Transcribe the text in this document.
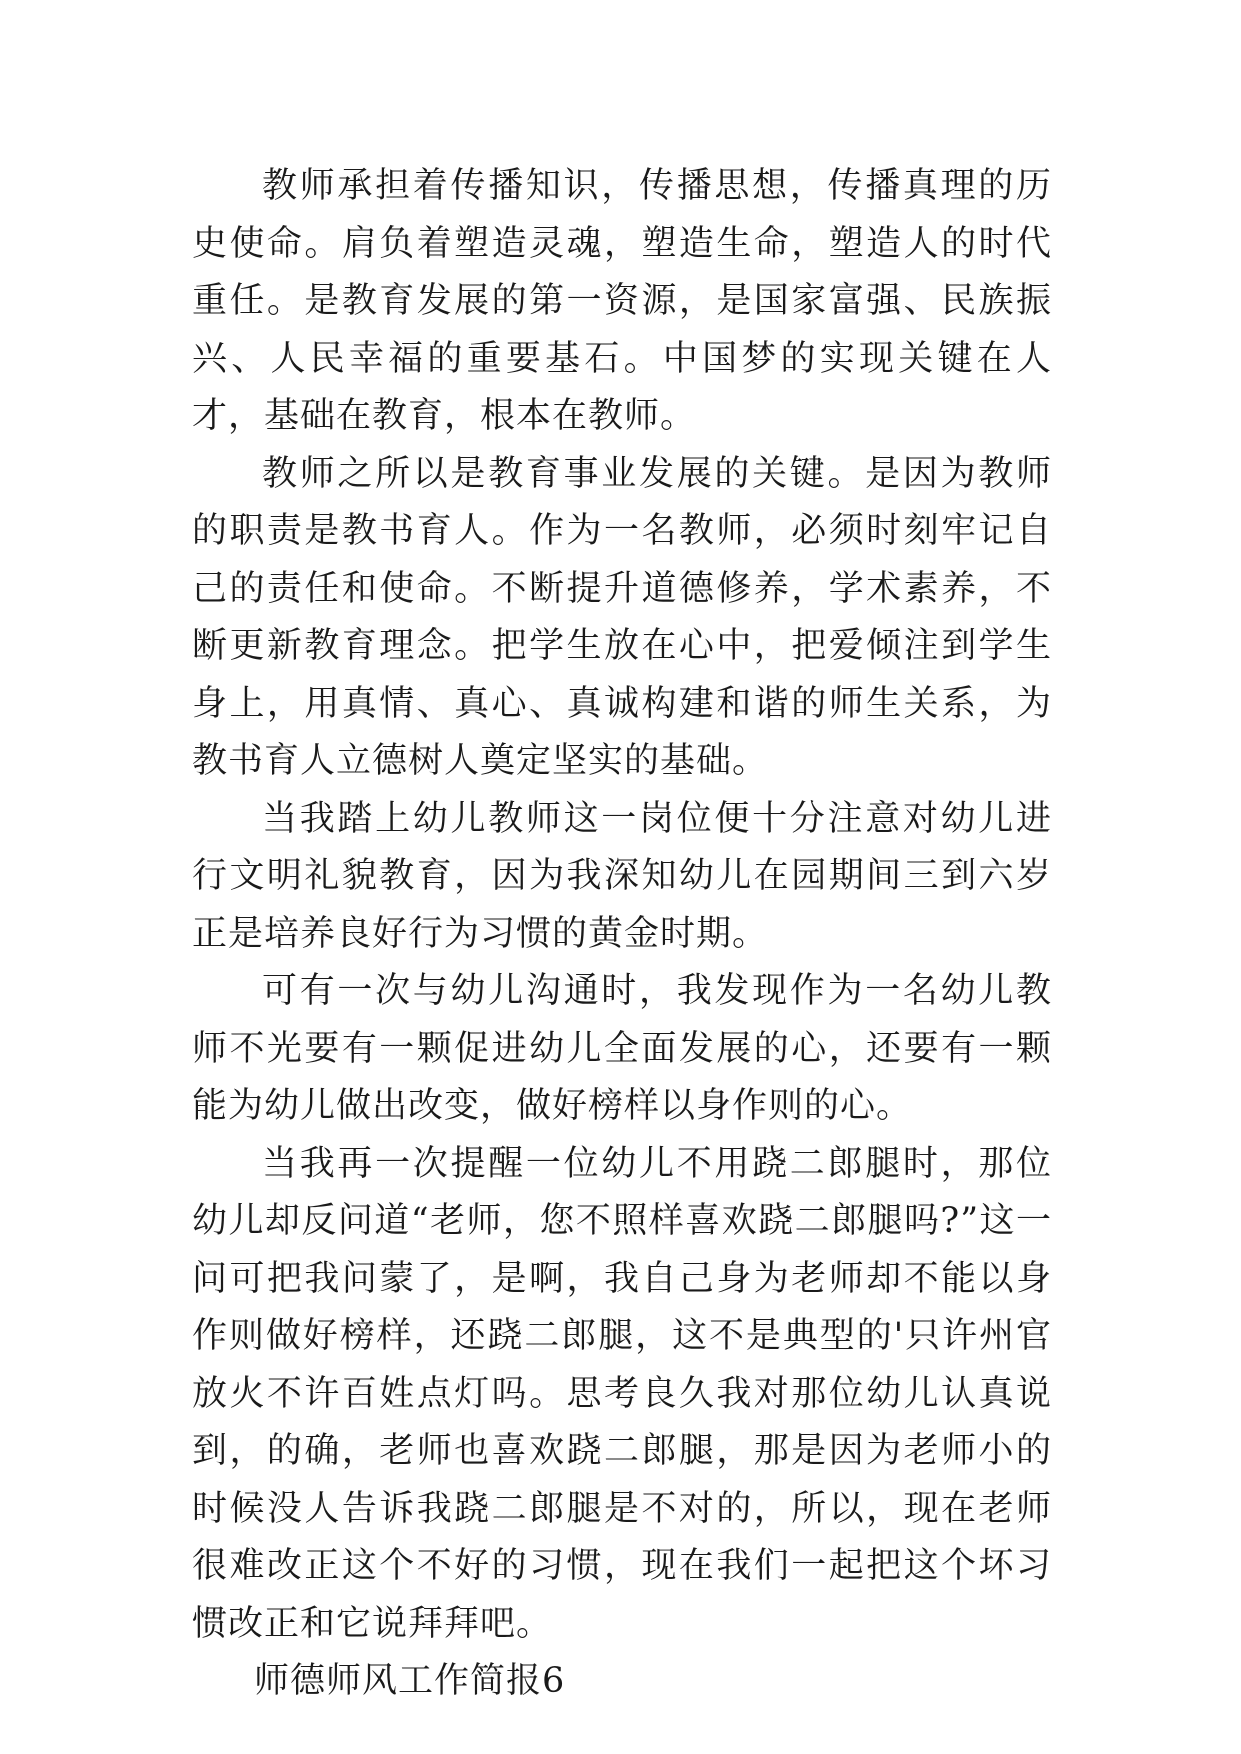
教师承担着传播知识，传播思想，传播真理的历史使命。肩负着塑造灵魂，塑造生命，塑造人的时代重任。是教育发展的第一资源，是国家富强、民族振兴、人民幸福的重要基石。中国梦的实现关键在人才，基础在教育，根本在教师。

教师之所以是教育事业发展的关键。是因为教师的职责是教书育人。作为一名教师，必须时刻牢记自己的责任和使命。不断提升道德修养，学术素养，不断更新教育理念。把学生放在心中，把爱倾注到学生身上，用真情、真心、真诚构建和谐的师生关系，为教书育人立德树人奠定坚实的基础。

当我踏上幼儿教师这一岗位便十分注意对幼儿进行文明礼貌教育，因为我深知幼儿在园期间三到六岁正是培养良好行为习惯的黄金时期。

可有一次与幼儿沟通时，我发现作为一名幼儿教师不光要有一颗促进幼儿全面发展的心，还要有一颗能为幼儿做出改变，做好榜样以身作则的心。

当我再一次提醒一位幼儿不用跷二郎腿时，那位幼儿却反问道“老师，您不照样喜欢跷二郎腿吗?”这一问可把我问蒙了，是啊，我自己身为老师却不能以身作则做好榜样，还跷二郎腿，这不是典型的'只许州官放火不许百姓点灯吗。思考良久我对那位幼儿认真说到，的确，老师也喜欢跷二郎腿，那是因为老师小的时候没人告诉我跷二郎腿是不对的，所以，现在老师很难改正这个不好的习惯，现在我们一起把这个坏习惯改正和它说拜拜吧。

师德师风工作简报6
